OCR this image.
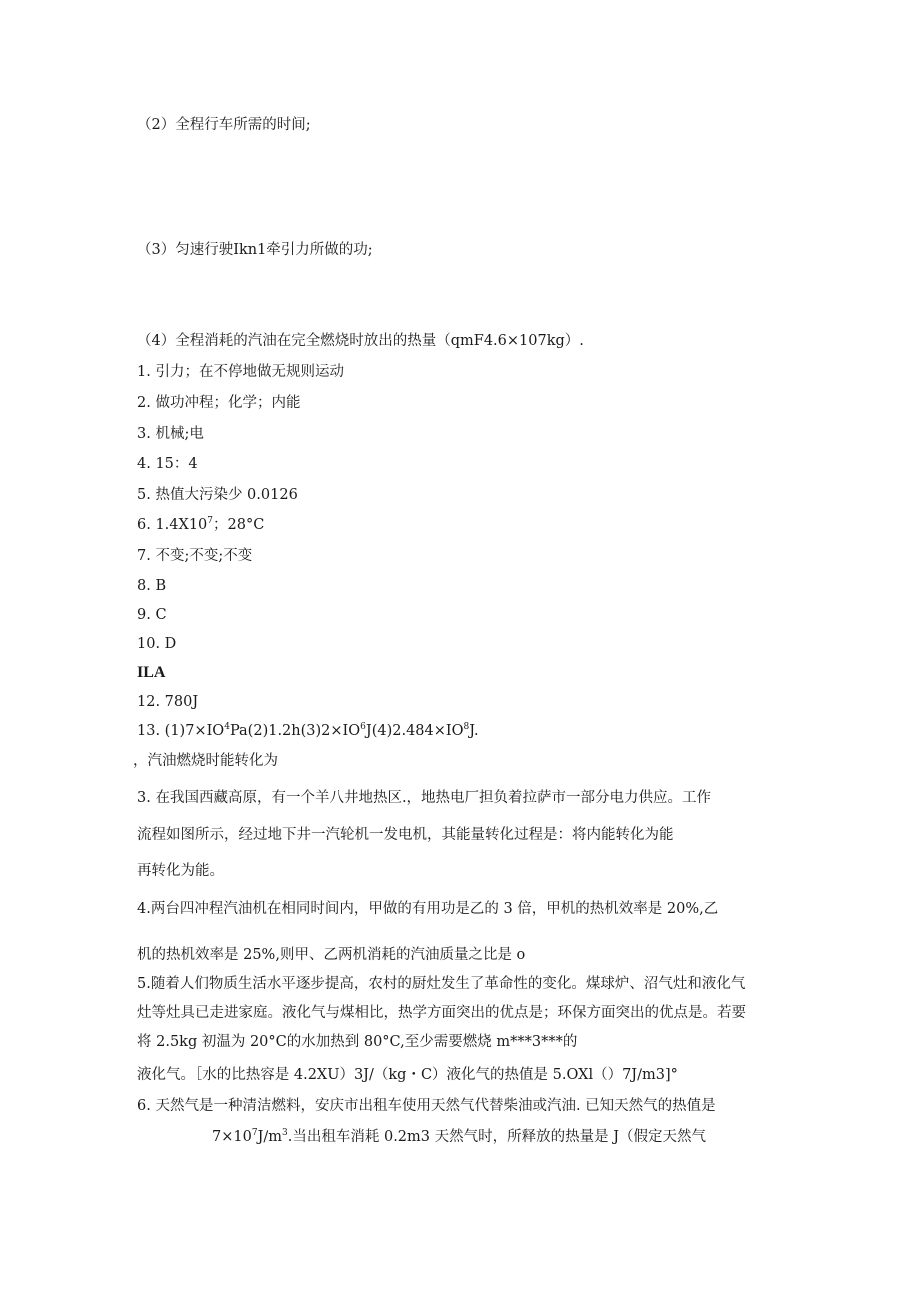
（2）全程行车所需的时间;
（3）匀速行驶Ikn1牵引力所做的功;
（4）全程消耗的汽油在完全燃烧时放出的热量（qmF4.6×107kg）.
1. 引力；在不停地做无规则运动
2. 做功冲程；化学；内能
3. 机械;电
4. 15：4
5. 热值大污染少 0.0126
6. $1.4X10^7$；28°C
7. 不变;不变;不变
8. B
9. C
10. D
ILA
12. 780J
13. $(1)7\times IO^4Pa(2)1.2h(3)2\times IO^6J(4)2.484\times IO^8J$.
，汽油燃烧时能转化为
3. 在我国西藏高原，有一个羊八井地热区.，地热电厂担负着拉萨市一部分电力供应。工作
流程如图所示，经过地下井一汽轮机一发电机，其能量转化过程是：将内能转化为能
再转化为能。
4.两台四冲程汽油机在相同时间内，甲做的有用功是乙的 3 倍，甲机的热机效率是 20%,乙
机的热机效率是 25%,则甲、乙两机消耗的汽油质量之比是 o
5.随着人们物质生活水平逐步提高，农村的厨灶发生了革命性的变化。煤球炉、沼气灶和液化气
灶等灶具已走进家庭。液化气与煤相比，热学方面突出的优点是；环保方面突出的优点是。若要
将 2.5kg 初温为 20°C的水加热到 80°C,至少需要燃烧 m***3***的
液化气。［水的比热容是 4.2XU）3J/（kg・C）液化气的热值是 5.OXl（）7J∕m3]°
6. 天然气是一种清洁燃料，安庆市出租车使用天然气代替柴油或汽油. 已知天然气的热值是
$7\times 10^7J∕m^3$.当出租车消耗 0.2m3 天然气时，所释放的热量是 J（假定天然气
